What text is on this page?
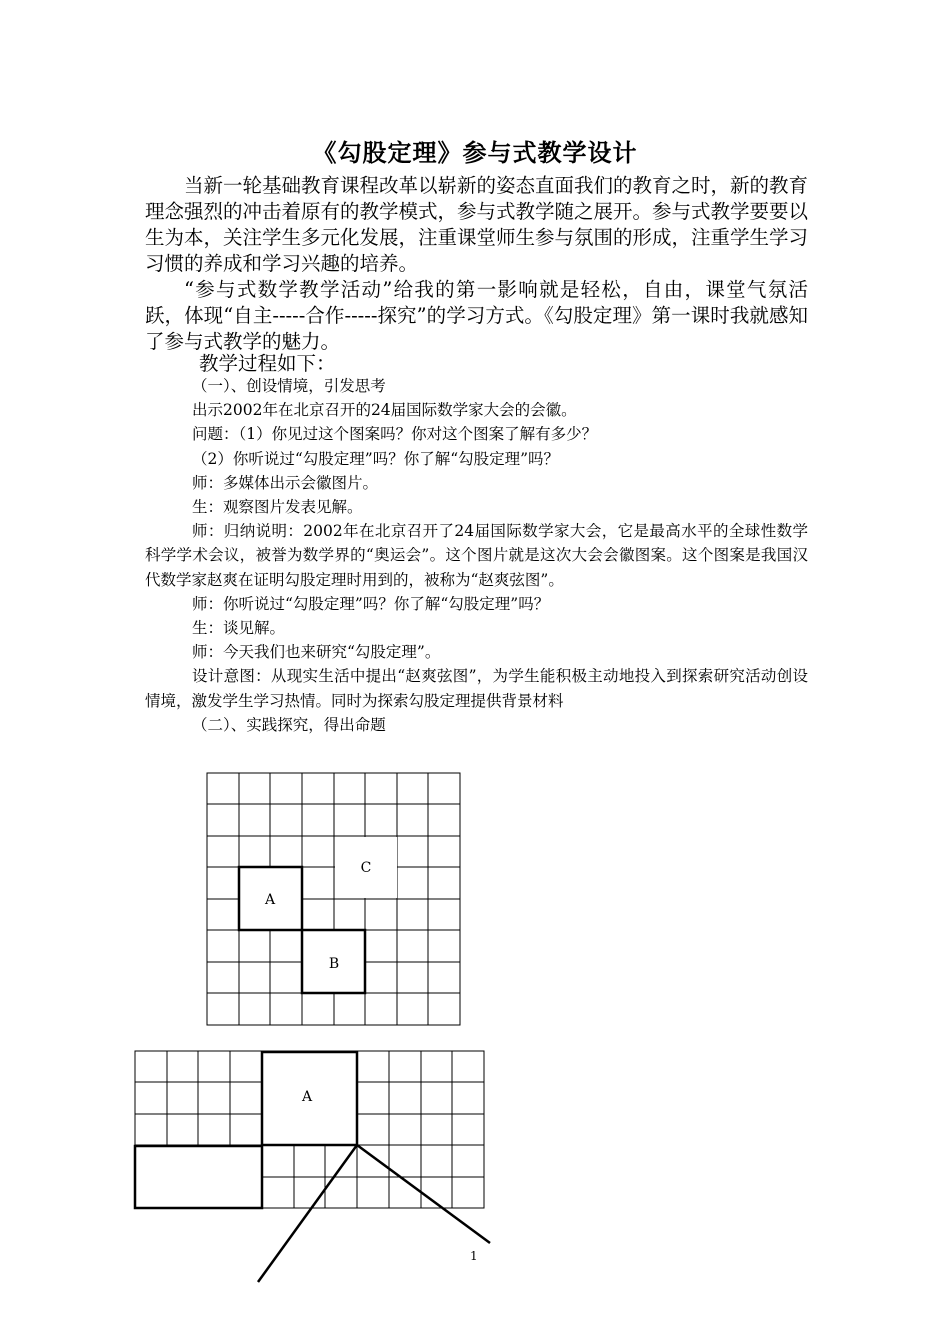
《勾股定理》参与式教学设计

当新一轮基础教育课程改革以崭新的姿态直面我们的教育之时，新的教育理念强烈的冲击着原有的教学模式，参与式教学随之展开。参与式教学要要以生为本，关注学生多元化发展，注重课堂师生参与氛围的形成，注重学生学习习惯的养成和学习兴趣的培养。

“参与式数学教学活动”给我的第一影响就是轻松，自由，课堂气氛活跃，体现“自主-----合作-----探究”的学习方式。《勾股定理》第一课时我就感知了参与式教学的魅力。

教学过程如下：

（一）、创设情境，引发思考

出示2002年在北京召开的24届国际数学家大会的会徽。

问题：（1）你见过这个图案吗？你对这个图案了解有多少？

（2）你听说过“勾股定理”吗？你了解“勾股定理”吗？

师：多媒体出示会徽图片。

生：观察图片发表见解。

师：归纳说明：2002年在北京召开了24届国际数学家大会，它是最高水平的全球性数学科学学术会议，被誉为数学界的“奥运会”。这个图片就是这次大会会徽图案。这个图案是我国汉代数学家赵爽在证明勾股定理时用到的，被称为“赵爽弦图”。

师：你听说过“勾股定理”吗？你了解“勾股定理”吗？

生：谈见解。

师：今天我们也来研究“勾股定理”。

设计意图：从现实生活中提出“赵爽弦图”，为学生能积极主动地投入到探索研究活动创设情境，激发学生学习热情。同时为探索勾股定理提供背景材料

（二）、实践探究，得出命题

A
B
C
A
1
